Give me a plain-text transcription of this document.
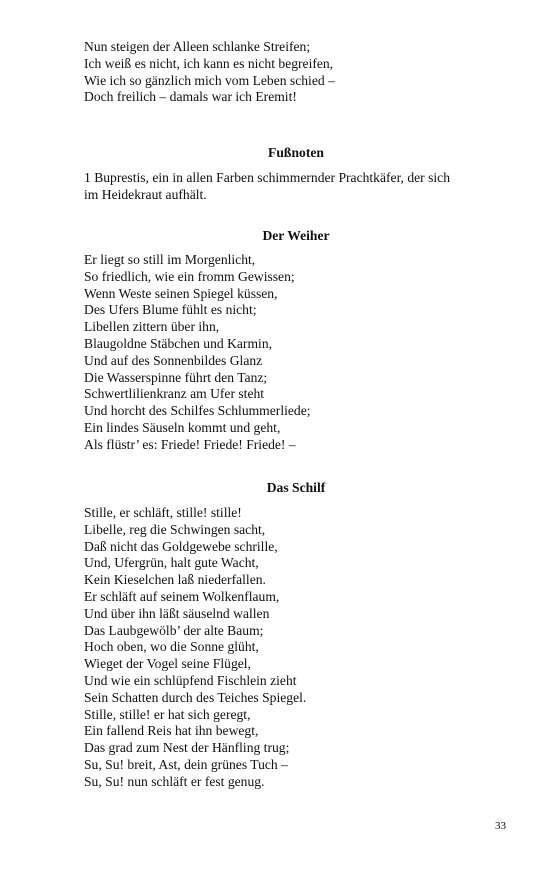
Nun steigen der Alleen schlanke Streifen;
Ich weiß es nicht, ich kann es nicht begreifen,
Wie ich so gänzlich mich vom Leben schied –
Doch freilich – damals war ich Eremit!
Fußnoten
1 Buprestis, ein in allen Farben schimmernder Prachtkäfer, der sich
im Heidekraut aufhält.
Der Weiher
Er liegt so still im Morgenlicht,
So friedlich, wie ein fromm Gewissen;
Wenn Weste seinen Spiegel küssen,
Des Ufers Blume fühlt es nicht;
Libellen zittern über ihn,
Blaugoldne Stäbchen und Karmin,
Und auf des Sonnenbildes Glanz
Die Wasserspinne führt den Tanz;
Schwertlilienkranz am Ufer steht
Und horcht des Schilfes Schlummerliede;
Ein lindes Säuseln kommt und geht,
Als flüstr’ es: Friede! Friede! Friede! –
Das Schilf
Stille, er schläft, stille! stille!
Libelle, reg die Schwingen sacht,
Daß nicht das Goldgewebe schrille,
Und, Ufergrün, halt gute Wacht,
Kein Kieselchen laß niederfallen.
Er schläft auf seinem Wolkenflaum,
Und über ihn läßt säuselnd wallen
Das Laubgewölb’ der alte Baum;
Hoch oben, wo die Sonne glüht,
Wieget der Vogel seine Flügel,
Und wie ein schlüpfend Fischlein zieht
Sein Schatten durch des Teiches Spiegel.
Stille, stille! er hat sich geregt,
Ein fallend Reis hat ihn bewegt,
Das grad zum Nest der Hänfling trug;
Su, Su! breit, Ast, dein grünes Tuch –
Su, Su! nun schläft er fest genug.
33
